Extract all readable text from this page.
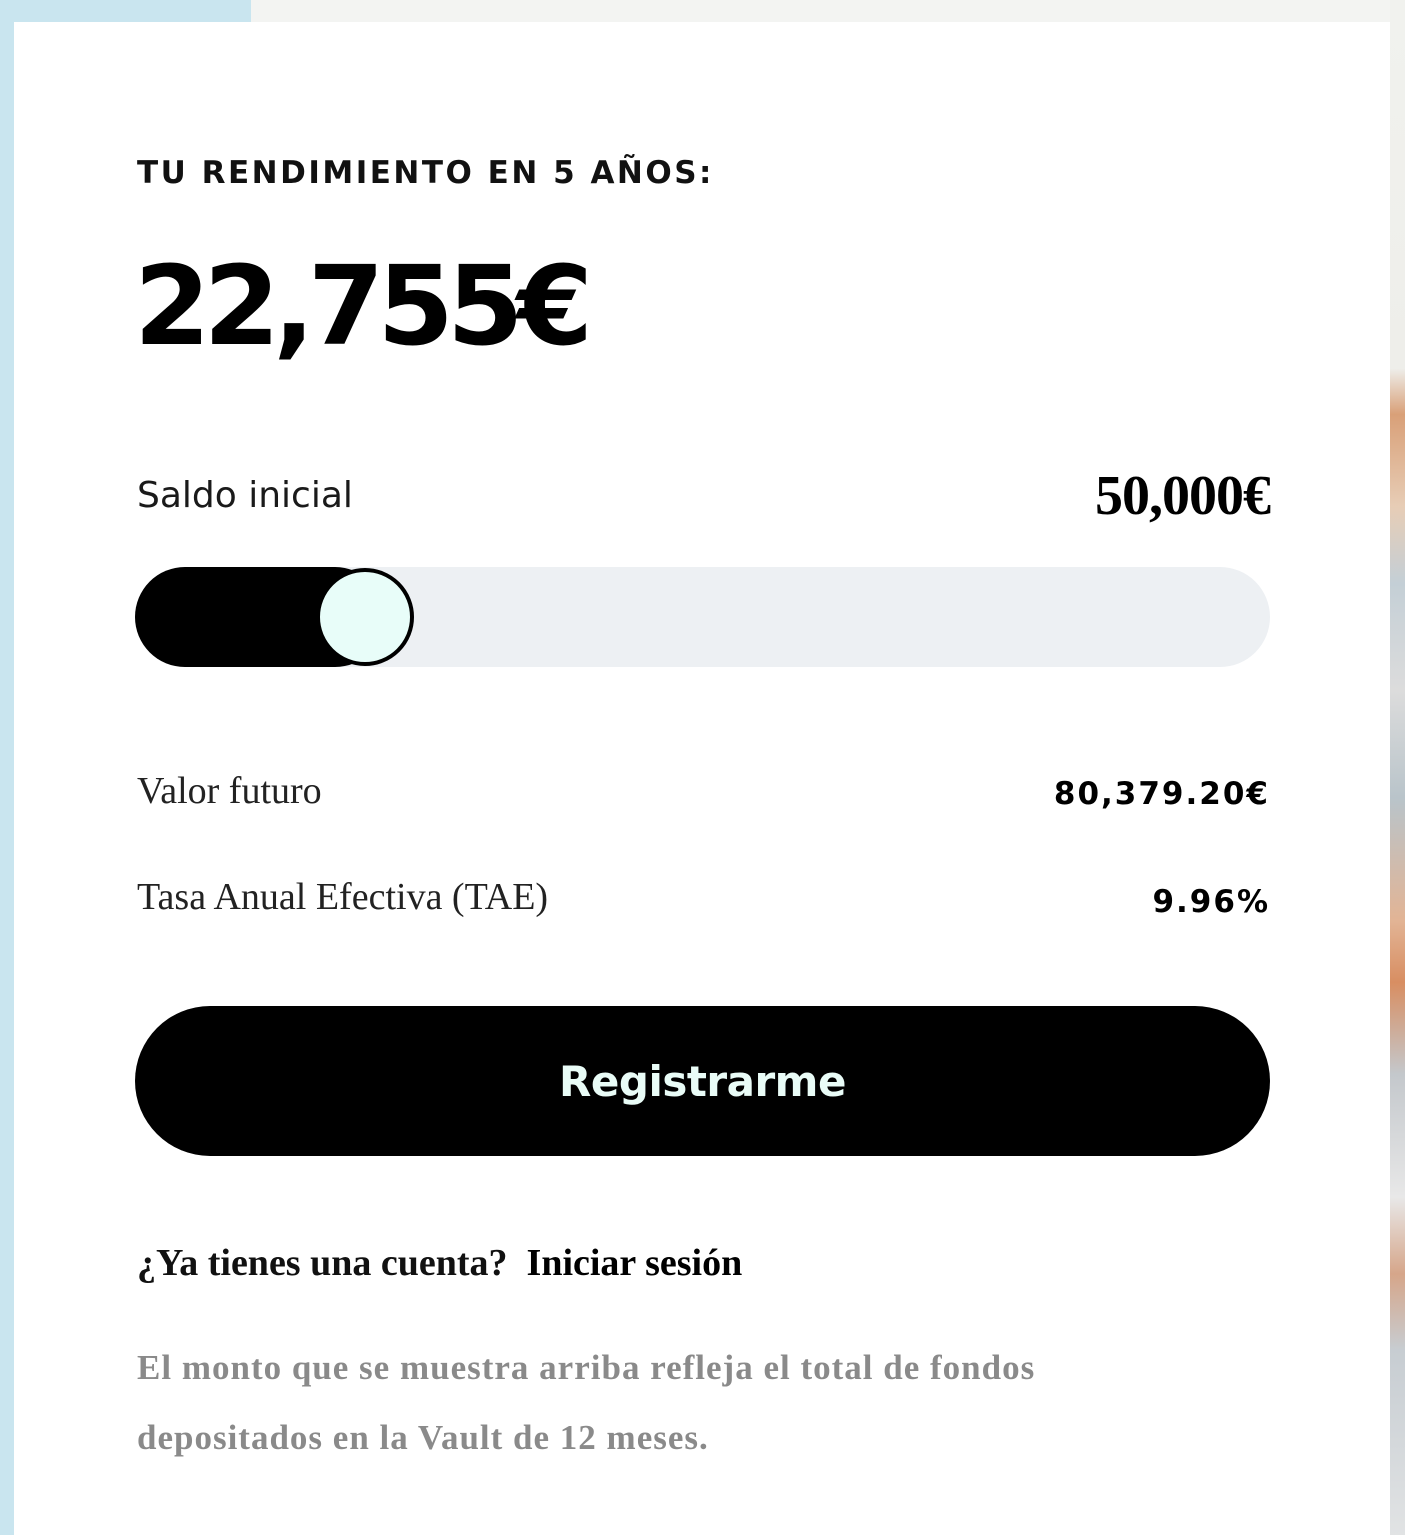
TU RENDIMIENTO EN 5 AÑOS:
22,755€
Saldo inicial	50,000€
Valor futuro	80,379.20€
Tasa Anual Efectiva (TAE)	9.96%
Registrarme
¿Ya tienes una cuenta? Iniciar sesión

El monto que se muestra arriba refleja el total de fondos
depositados en la Vault de 12 meses.
